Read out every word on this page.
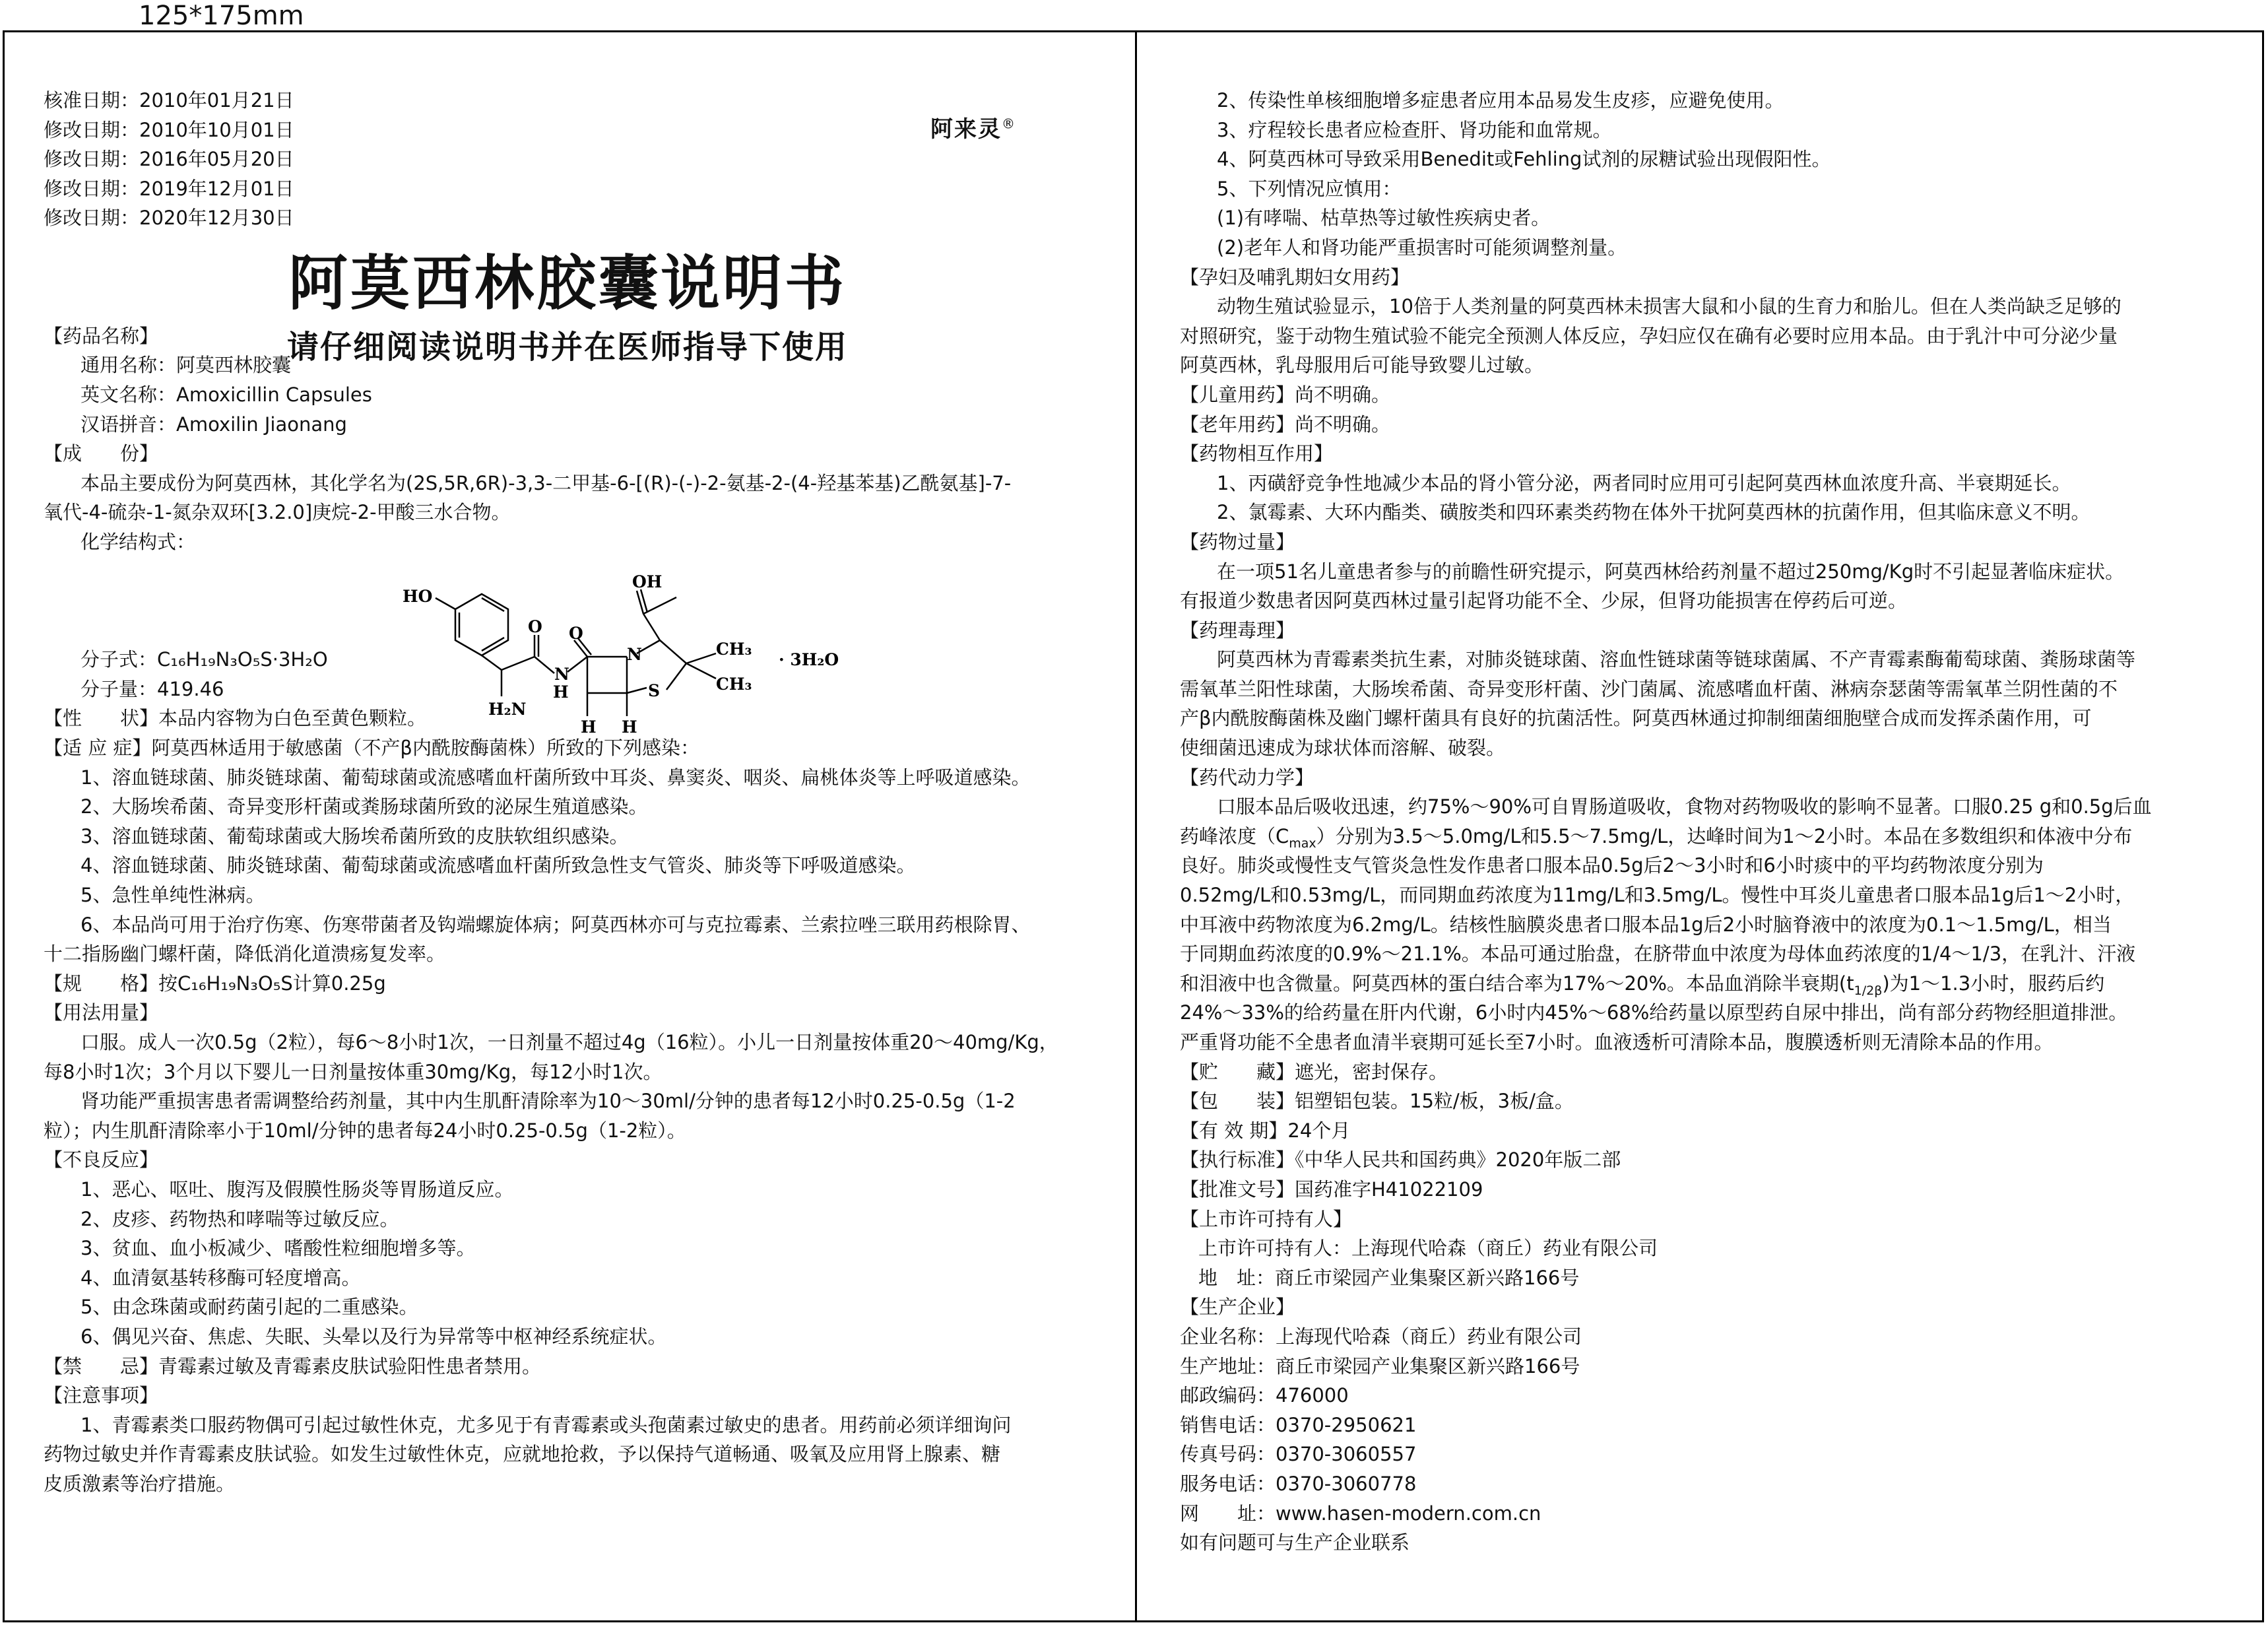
125*175mm
阿来灵®
阿莫西林胶囊说明书
请仔细阅读说明书并在医师指导下使用
核准日期：2010年01月21日
修改日期：2010年10月01日
修改日期：2016年05月20日
修改日期：2019年12月01日
修改日期：2020年12月30日
【药品名称】
通用名称：阿莫西林胶囊
英文名称：Amoxicillin Capsules
汉语拼音：Amoxilin Jiaonang
【成　　份】
本品主要成份为阿莫西林，其化学名为(2S,5R,6R)-3,3-二甲基-6-[(R)-(-)-2-氨基-2-(4-羟基苯基)乙酰氨基]-7-
氧代-4-硫杂-1-氮杂双环[3.2.0]庚烷-2-甲酸三水合物。
化学结构式：
分子式：C₁₆H₁₉N₃O₅S·3H₂O
分子量：419.46
【性　　状】本品内容物为白色至黄色颗粒。
【适 应 症】阿莫西林适用于敏感菌（不产β内酰胺酶菌株）所致的下列感染：
1、溶血链球菌、肺炎链球菌、葡萄球菌或流感嗜血杆菌所致中耳炎、鼻窦炎、咽炎、扁桃体炎等上呼吸道感染。
2、大肠埃希菌、奇异变形杆菌或粪肠球菌所致的泌尿生殖道感染。
3、溶血链球菌、葡萄球菌或大肠埃希菌所致的皮肤软组织感染。
4、溶血链球菌、肺炎链球菌、葡萄球菌或流感嗜血杆菌所致急性支气管炎、肺炎等下呼吸道感染。
5、急性单纯性淋病。
6、本品尚可用于治疗伤寒、伤寒带菌者及钩端螺旋体病；阿莫西林亦可与克拉霉素、兰索拉唑三联用药根除胃、
十二指肠幽门螺杆菌，降低消化道溃疡复发率。
【规　　格】按C₁₆H₁₉N₃O₅S计算0.25g
【用法用量】
口服。成人一次0.5g（2粒），每6～8小时1次，一日剂量不超过4g（16粒）。小儿一日剂量按体重20～40mg/Kg，
每8小时1次；3个月以下婴儿一日剂量按体重30mg/Kg，每12小时1次。
肾功能严重损害患者需调整给药剂量，其中内生肌酐清除率为10～30ml/分钟的患者每12小时0.25-0.5g（1-2
粒）；内生肌酐清除率小于10ml/分钟的患者每24小时0.25-0.5g（1-2粒）。
【不良反应】
1、恶心、呕吐、腹泻及假膜性肠炎等胃肠道反应。
2、皮疹、药物热和哮喘等过敏反应。
3、贫血、血小板减少、嗜酸性粒细胞增多等。
4、血清氨基转移酶可轻度增高。
5、由念珠菌或耐药菌引起的二重感染。
6、偶见兴奋、焦虑、失眠、头晕以及行为异常等中枢神经系统症状。
【禁　　忌】青霉素过敏及青霉素皮肤试验阳性患者禁用。
【注意事项】
1、青霉素类口服药物偶可引起过敏性休克，尤多见于有青霉素或头孢菌素过敏史的患者。用药前必须详细询问
药物过敏史并作青霉素皮肤试验。如发生过敏性休克，应就地抢救，予以保持气道畅通、吸氧及应用肾上腺素、糖
皮质激素等治疗措施。
HO
H₂N
O
N
O
N
S
H H
H
OH
CH₃
CH₃
· 3H₂O
2、传染性单核细胞增多症患者应用本品易发生皮疹，应避免使用。
3、疗程较长患者应检查肝、肾功能和血常规。
4、阿莫西林可导致采用Benedit或Fehling试剂的尿糖试验出现假阳性。
5、下列情况应慎用：
(1)有哮喘、枯草热等过敏性疾病史者。
(2)老年人和肾功能严重损害时可能须调整剂量。
【孕妇及哺乳期妇女用药】
动物生殖试验显示，10倍于人类剂量的阿莫西林未损害大鼠和小鼠的生育力和胎儿。但在人类尚缺乏足够的
对照研究，鉴于动物生殖试验不能完全预测人体反应，孕妇应仅在确有必要时应用本品。由于乳汁中可分泌少量
阿莫西林，乳母服用后可能导致婴儿过敏。
【儿童用药】尚不明确。
【老年用药】尚不明确。
【药物相互作用】
1、丙磺舒竞争性地减少本品的肾小管分泌，两者同时应用可引起阿莫西林血浓度升高、半衰期延长。
2、氯霉素、大环内酯类、磺胺类和四环素类药物在体外干扰阿莫西林的抗菌作用，但其临床意义不明。
【药物过量】
在一项51名儿童患者参与的前瞻性研究提示，阿莫西林给药剂量不超过250mg/Kg时不引起显著临床症状。
有报道少数患者因阿莫西林过量引起肾功能不全、少尿，但肾功能损害在停药后可逆。
【药理毒理】
阿莫西林为青霉素类抗生素，对肺炎链球菌、溶血性链球菌等链球菌属、不产青霉素酶葡萄球菌、粪肠球菌等
需氧革兰阳性球菌，大肠埃希菌、奇异变形杆菌、沙门菌属、流感嗜血杆菌、淋病奈瑟菌等需氧革兰阴性菌的不
产β内酰胺酶菌株及幽门螺杆菌具有良好的抗菌活性。阿莫西林通过抑制细菌细胞壁合成而发挥杀菌作用，可
使细菌迅速成为球状体而溶解、破裂。
【药代动力学】
口服本品后吸收迅速，约75%～90%可自胃肠道吸收，食物对药物吸收的影响不显著。口服0.25 g和0.5g后血
药峰浓度$(C_{max})$分别为3.5～5.0mg/L和5.5～7.5mg/L，达峰时间为1～2小时。本品在多数组织和体液中分布
良好。肺炎或慢性支气管炎急性发作患者口服本品0.5g后2～3小时和6小时痰中的平均药物浓度分别为
0.52mg/L和0.53mg/L，而同期血药浓度为11mg/L和3.5mg/L。慢性中耳炎儿童患者口服本品1g后1～2小时，
中耳液中药物浓度为6.2mg/L。结核性脑膜炎患者口服本品1g后2小时脑脊液中的浓度为0.1～1.5mg/L，相当
于同期血药浓度的0.9%～21.1%。本品可通过胎盘，在脐带血中浓度为母体血药浓度的1/4～1/3，在乳汁、汗液
和泪液中也含微量。阿莫西林的蛋白结合率为17%～20%。本品血消除半衰期$(t_{1/2\beta})$为1～1.3小时，服药后约
24%～33%的给药量在肝内代谢，6小时内45%～68%给药量以原型药自尿中排出，尚有部分药物经胆道排泄。
严重肾功能不全患者血清半衰期可延长至7小时。血液透析可清除本品，腹膜透析则无清除本品的作用。
【贮　　藏】遮光，密封保存。
【包　　装】铝塑铝包装。15粒/板，3板/盒。
【有 效 期】24个月
【执行标准】《中华人民共和国药典》2020年版二部
【批准文号】国药准字H41022109
【上市许可持有人】
上市许可持有人：上海现代哈森（商丘）药业有限公司
地　址：商丘市梁园产业集聚区新兴路166号
【生产企业】
企业名称：上海现代哈森（商丘）药业有限公司
生产地址：商丘市梁园产业集聚区新兴路166号
邮政编码：476000
销售电话：0370-2950621
传真号码：0370-3060557
服务电话：0370-3060778
网　　址：www.hasen-modern.com.cn
如有问题可与生产企业联系
